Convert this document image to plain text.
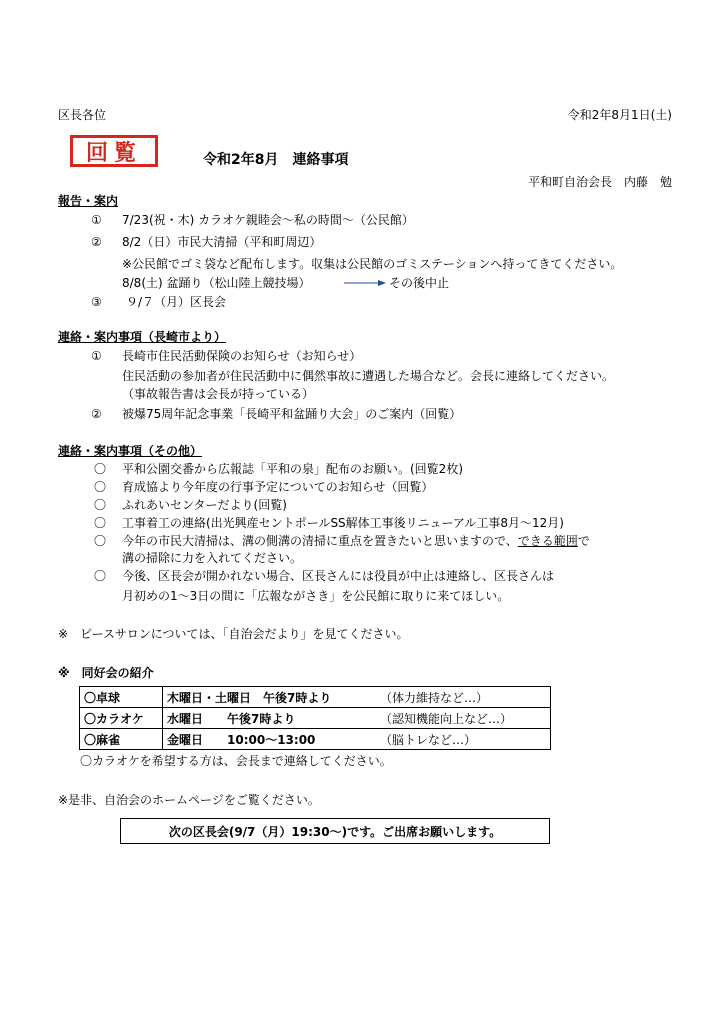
区長各位	令和2年8月1日(土)
回覧	令和2年8月　連絡事項
平和町自治会長　内藤　勉
報告・案内
① 7/23(祝・木) カラオケ親睦会～私の時間～（公民館）
② 8/2（日）市民大清掃（平和町周辺）
※公民館でゴミ袋など配布します。収集は公民館のゴミステーションへ持ってきてください。
8/8(土) 盆踊り（松山陸上競技場）	その後中止
③ ９/７（月）区長会
連絡・案内事項（長崎市より）
① 長崎市住民活動保険のお知らせ（お知らせ）
住民活動の参加者が住民活動中に偶然事故に遭遇した場合など。会長に連絡してください。
（事故報告書は会長が持っている）
② 被爆75周年記念事業「長崎平和盆踊り大会」のご案内（回覧）
連絡・案内事項（その他）
〇 平和公園交番から広報誌「平和の泉」配布のお願い。(回覧2枚)
〇 育成協より今年度の行事予定についてのお知らせ（回覧）
〇 ふれあいセンターだより(回覧)
〇 工事着工の連絡(出光興産セントポールSS解体工事後リニューアル工事8月～12月)
〇 今年の市民大清掃は、溝の側溝の清掃に重点を置きたいと思いますので、できる範囲で
溝の掃除に力を入れてください。
〇 今後、区長会が開かれない場合、区長さんには役員が中止は連絡し、区長さんは
月初めの1～3日の間に「広報ながさき」を公民館に取りに来てほしい。
※　ピースサロンについては、「自治会だより」を見てください。
※　同好会の紹介
〇卓球	木曜日・土曜日　午後7時より	（体力維持など…）
〇カラオケ	水曜日　　午後7時より	（認知機能向上など…）
〇麻雀	金曜日　　10:00～13:00	（脳トレなど…）
〇カラオケを希望する方は、会長まで連絡してください。
※是非、自治会のホームページをご覧ください。
次の区長会(9/7（月）19:30～)です。ご出席お願いします。
